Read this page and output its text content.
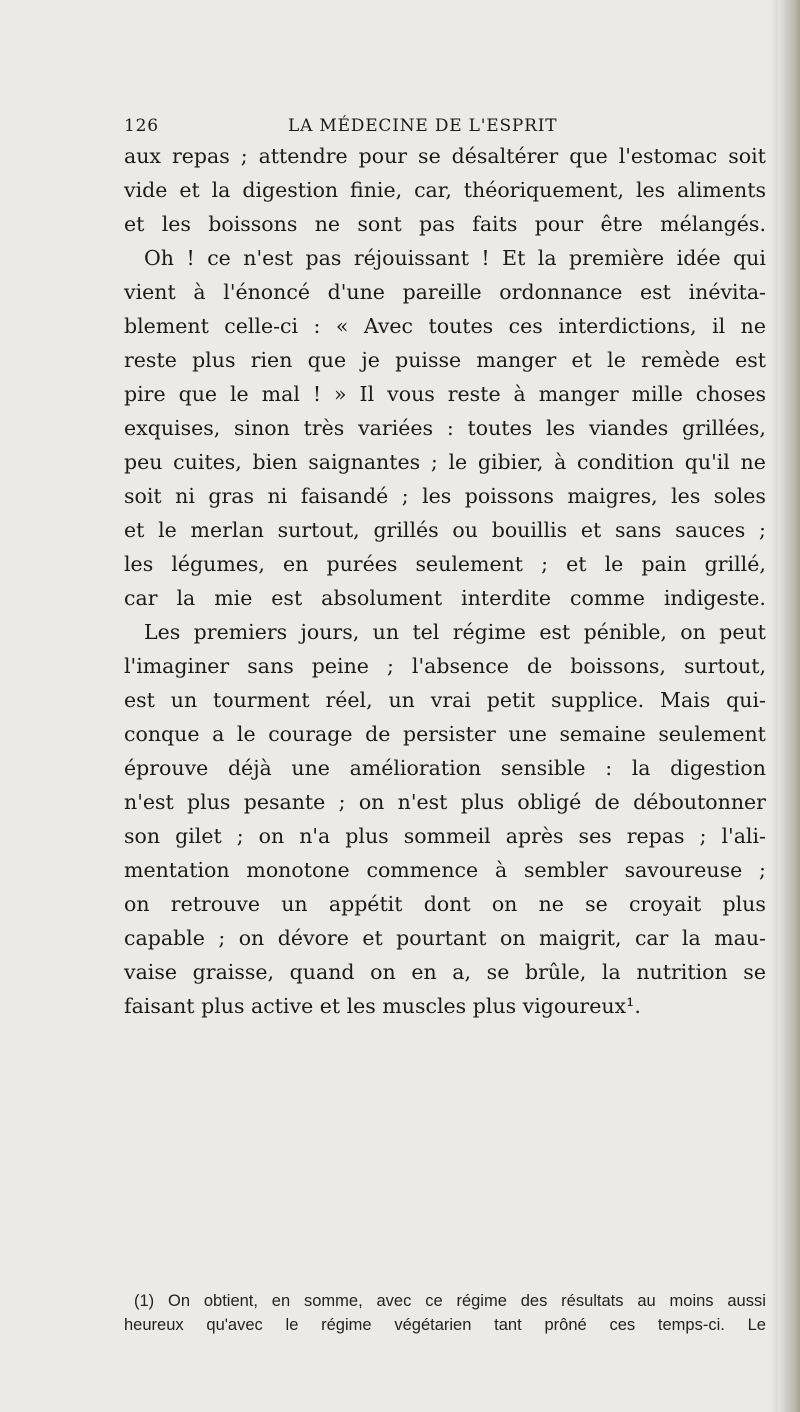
126	LA MÉDECINE DE L'ESPRIT
aux repas ; attendre pour se désaltérer que l'estomac soit
vide et la digestion finie, car, théoriquement, les aliments
et les boissons ne sont pas faits pour être mélangés.
Oh ! ce n'est pas réjouissant ! Et la première idée qui
vient à l'énoncé d'une pareille ordonnance est inévita-
blement celle-ci : « Avec toutes ces interdictions, il ne
reste plus rien que je puisse manger et le remède est
pire que le mal ! » Il vous reste à manger mille choses
exquises, sinon très variées : toutes les viandes grillées,
peu cuites, bien saignantes ; le gibier, à condition qu'il ne
soit ni gras ni faisandé ; les poissons maigres, les soles
et le merlan surtout, grillés ou bouillis et sans sauces ;
les légumes, en purées seulement ; et le pain grillé,
car la mie est absolument interdite comme indigeste.
Les premiers jours, un tel régime est pénible, on peut
l'imaginer sans peine ; l'absence de boissons, surtout,
est un tourment réel, un vrai petit supplice. Mais qui-
conque a le courage de persister une semaine seulement
éprouve déjà une amélioration sensible : la digestion
n'est plus pesante ; on n'est plus obligé de déboutonner
son gilet ; on n'a plus sommeil après ses repas ; l'ali-
mentation monotone commence à sembler savoureuse ;
on retrouve un appétit dont on ne se croyait plus
capable ; on dévore et pourtant on maigrit, car la mau-
vaise graisse, quand on en a, se brûle, la nutrition se
faisant plus active et les muscles plus vigoureux¹.
(1) On obtient, en somme, avec ce régime des résultats au moins aussi
heureux qu'avec le régime végétarien tant prôné ces temps-ci. Le
